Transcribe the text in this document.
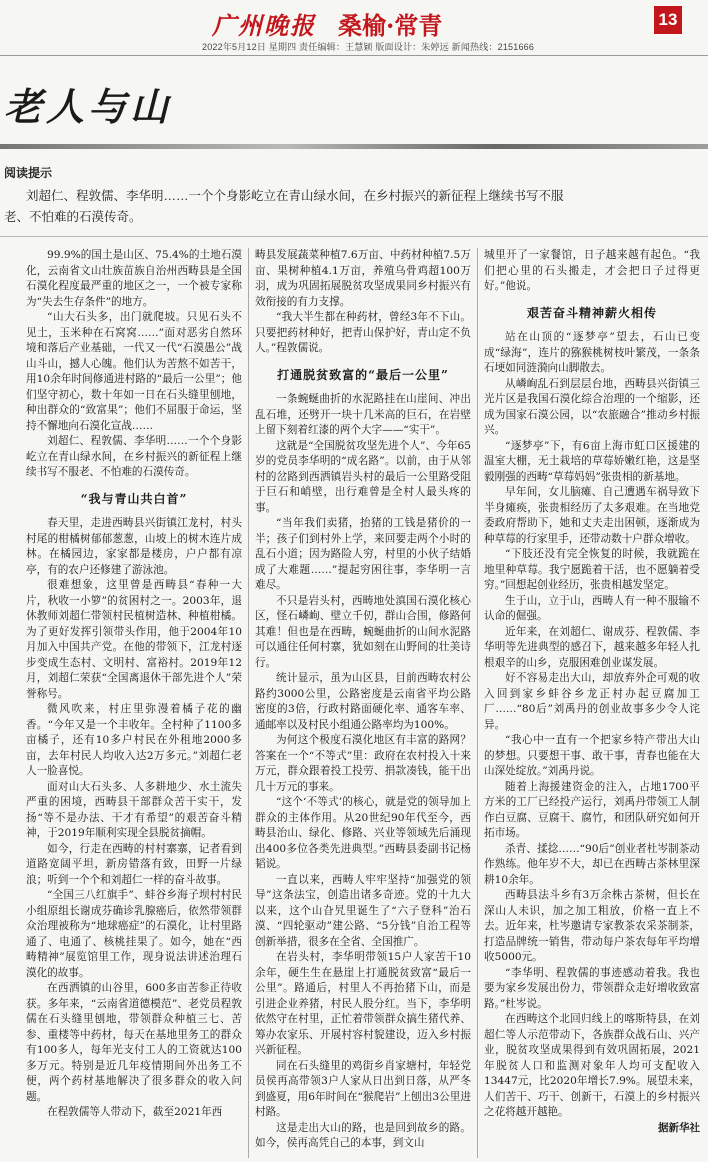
广州晚报 桑榆·常青	13
2022年5月12日 星期四 责任编辑：王慧颖 版面设计：朱婷远 新闻热线：2151666
老人与山
阅读提示
刘超仁、程敦儒、李华明……一个个身影屹立在青山绿水间，在乡村振兴的新征程上继续书写不服老、不怕难的石漠传奇。

99.9%的国土是山区、75.4%的土地石漠化，云南省文山壮族苗族自治州西畴县是全国石漠化程度最严重的地区之一，一个被专家称为“失去生存条件”的地方。

“山大石头多，出门就爬坡。只见石头不见土，玉米种在石窝窝……”面对恶劣自然环境和落后产业基础，一代又一代“石漠愚公”战山斗山，撼人心魄。他们认为苦熬不如苦干，用10余年时间修通进村路的“最后一公里”；他们坚守初心，数十年如一日在石头缝里刨地，种出群众的“致富果”；他们不屈服于命运，坚持不懈地向石漠化宣战……

刘超仁、程敦儒、李华明……一个个身影屹立在青山绿水间，在乡村振兴的新征程上继续书写不服老、不怕难的石漠传奇。

“我与青山共白首”

春天里，走进西畴县兴街镇江龙村，村头村尾的柑橘树郁郁葱葱，山坡上的树木连片成林。在橘园边，家家都是楼房，户户都有凉亭，有的农户还修建了游泳池。

很难想象，这里曾是西畴县“春种一大片，秋收一小箩”的贫困村之一。2003年，退休教师刘超仁带领村民植树造林、种植柑橘。为了更好发挥引领带头作用，他于2004年10月加入中国共产党。在他的带领下，江龙村逐步变成生态村、文明村、富裕村。2019年12月，刘超仁荣获“全国离退休干部先进个人”荣誉称号。

微风吹来，村庄里弥漫着橘子花的幽香。“今年又是一个丰收年。全村种了1100多亩橘子，还有10多户村民在外租地2000多亩，去年村民人均收入达2万多元。”刘超仁老人一脸喜悦。

面对山大石头多、人多耕地少、水土流失严重的困境，西畴县干部群众苦干实干，发扬“等不是办法、干才有希望”的艰苦奋斗精神，于2019年顺利实现全县脱贫摘帽。

如今，行走在西畴的村村寨寨，记者看到道路宽阔平坦，新房错落有致，田野一片绿浪；听到一个个和刘超仁一样的奋斗故事。

“全国三八红旗手”、蚌谷乡海子坝村村民小组原组长谢成芬确诊乳腺癌后，依然带领群众治理被称为“地球癌症”的石漠化，让村里路通了、电通了、核桃挂果了。如今，她在“西畴精神”展览馆里工作，现身说法讲述治理石漠化的故事。

在西洒镇的山谷里，600多亩苦参正待收获。多年来，“云南省道德模范”、老党员程敦儒在石头缝里刨地，带领群众种植三七、苦参、重楼等中药材，每天在基地里务工的群众有100多人，每年光支付工人的工资就达100多万元。特别是近几年疫情期间外出务工不便，两个药材基地解决了很多群众的收入问题。

在程敦儒等人带动下，截至2021年西

畴县发展蔬菜种植7.6万亩、中药材种植7.5万亩、果树种植4.1万亩，养殖乌骨鸡超100万羽，成为巩固拓展脱贫攻坚成果同乡村振兴有效衔接的有力支撑。

“我大半生都在种药材，曾经3年不下山。只要把药材种好，把青山保护好，青山定不负人。”程敦儒说。

打通脱贫致富的“最后一公里”

一条蜿蜒曲折的水泥路挂在山崖间、冲出乱石堆，还劈开一块十几米高的巨石，在岩壁上留下刻着红漆的两个大字——“实干”。

这就是“全国脱贫攻坚先进个人”、今年65岁的党员李华明的“成名路”。以前，由于从邻村的岔路到西洒镇岩头村的最后一公里路受阻于巨石和峭壁，出行难曾是全村人最头疼的事。

“当年我们卖猪，抬猪的工钱是猪价的一半；孩子们到村外上学，来回要走两个小时的乱石小道；因为路险人穷，村里的小伙子结婚成了大难题……”提起穷困往事，李华明一言难尽。

不只是岩头村，西畴地处滇国石漠化核心区，怪石嶙峋、壁立千仞，群山合围，修路何其难！但也是在西畴，蜿蜒曲折的山间水泥路可以通往任何村寨，犹如刻在山野间的壮美诗行。

统计显示，虽为山区县，目前西畴农村公路约3000公里，公路密度是云南省平均公路密度的3倍，行政村路面硬化率、通客车率、通邮率以及村民小组通公路率均为100%。

为何这个极度石漠化地区有丰富的路网？答案在一个“不等式”里：政府在农村投入十来万元，群众跟着投工投劳、捐款凑钱，能干出几十万元的事来。

“这个‘不等式’的核心，就是党的领导加上群众的主体作用。从20世纪90年代至今，西畴县治山、绿化、修路、兴业等领域先后涌现出400多位各类先进典型。”西畴县委副书记杨韬说。

一直以来，西畴人牢牢坚持“加强党的领导”这条法宝，创造出诸多奇迹。党的十九大以来，这个山旮旯里诞生了“六子登科”治石漠、“四轮驱动”建公路、“5分钱”自治工程等创新举措，很多在全省、全国推广。

在岩头村，李华明带领15户人家苦干10余年，硬生生在悬崖上打通脱贫致富“最后一公里”。路通后，村里人不再抬猪下山，而是引进企业养猪，村民人股分红。当下，李华明依然守在村里，正忙着带领群众搞生猪代养、筹办农家乐、开展村容村貌建设，迈入乡村振兴新征程。

同在石头缝里的鸡街乡肖家塘村，年轻党员侯再高带领3户人家从日出到日落，从严冬到盛夏，用6年时间在“猴爬岩”上刨出3公里进村路。

这是走出大山的路，也是回到故乡的路。如今，侯再高凭自己的本事，到文山

城里开了一家餐馆，日子越来越有起色。“我们把心里的石头搬走，才会把日子过得更好。”他说。

艰苦奋斗精神薪火相传

站在山顶的“逐梦亭”望去，石山已变成“绿海”，连片的猕猴桃树枝叶繁茂，一条条石埂如同涟漪向山脚散去。

从嶙峋乱石到层层台地，西畴县兴街镇三光片区是我国石漠化综合治理的一个缩影，还成为国家石漠公园，以“农旅融合”推动乡村振兴。

“逐梦亭”下，有6亩上海市虹口区援建的温室大棚，无土栽培的草莓娇嫩红艳，这是坚毅刚强的西畴“草莓妈妈”张贵相的新基地。

早年间，女儿脑瘫、自己遭遇车祸导致下半身瘫痪，张贵相经历了太多艰难。在当地党委政府帮助下，她和丈夫走出困顿，逐渐成为种草莓的行家里手，还带动数十户群众增收。

“下肢还没有完全恢复的时候，我就跪在地里种草莓。我宁愿跪着干活，也不愿躺着受穷。”回想起创业经历，张贵相越发坚定。

生于山，立于山，西畴人有一种不服输不认命的倔强。

近年来，在刘超仁、谢成芬、程敦儒、李华明等先进典型的感召下，越来越多年轻人扎根艰辛的山乡，克服困难创业谋发展。

好不容易走出大山，却放弃外企可观的收入回到家乡蚌谷乡龙正村办起豆腐加工厂……“80后”刘禹丹的创业故事多少令人诧异。

“我心中一直有一个把家乡特产带出大山的梦想。只要想干事、敢干事，青春也能在大山深处绽放。”刘禹丹说。

随着上海援建资金的注入，占地1700平方米的工厂已经投产运行，刘禹丹带领工人制作白豆腐、豆腐干、腐竹，和团队研究如何开拓市场。

杀青、揉捻……“90后”创业者杜岑制茶动作熟练。他年岁不大，却已在西畴古茶林里深耕10余年。

西畴县法斗乡有3万余株古茶树，但长在深山人未识，加之加工粗放，价格一直上不去。近年来，杜岑邀请专家教茶农采茶制茶，打造品牌统一销售，带动每户茶农每年平均增收5000元。

“李华明、程敦儒的事迹感动着我。我也要为家乡发展出份力，带领群众走好增收致富路。”杜岑说。

在西畴这个北回归线上的喀斯特县，在刘超仁等人示范带动下，各族群众战石山、兴产业，脱贫攻坚成果得到有效巩固拓展，2021年脱贫人口和监测对象年人均可支配收入13447元，比2020年增长7.9%。展望未来，人们苦干、巧干、创新干，石漠上的乡村振兴之花将越开越艳。

据新华社
